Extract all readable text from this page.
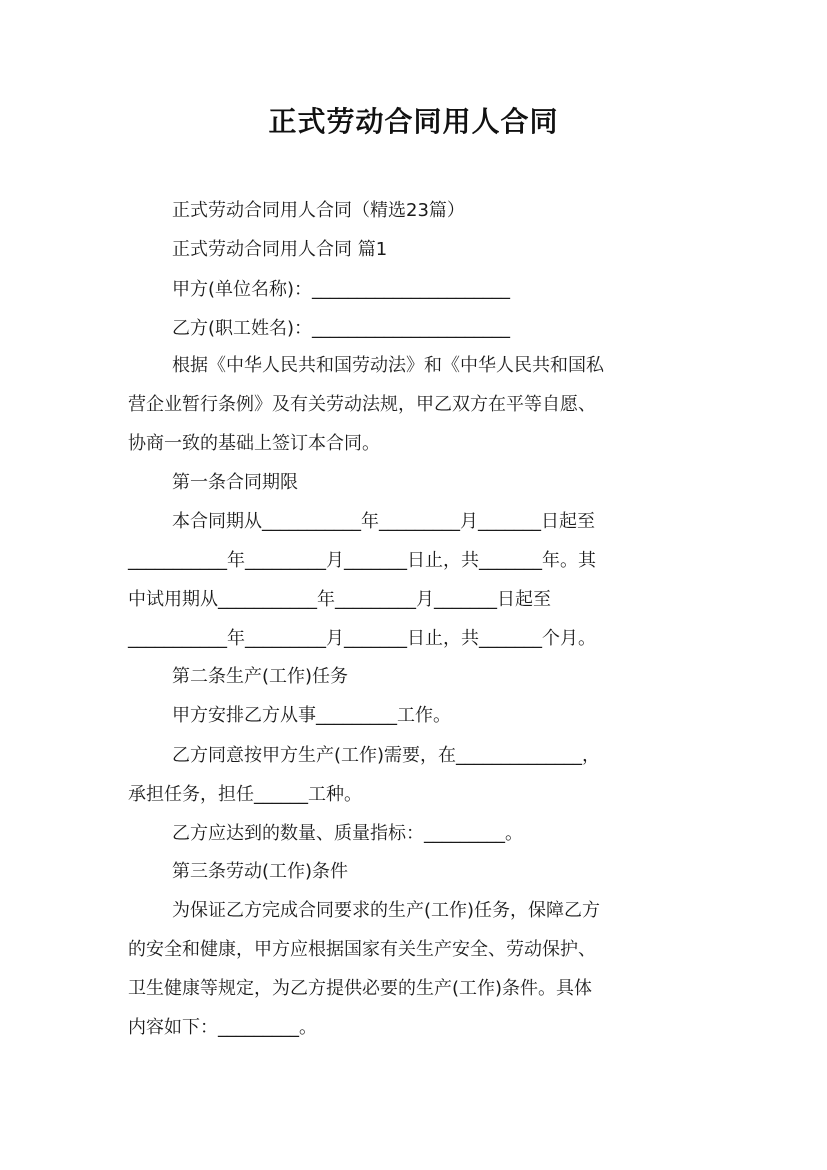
正式劳动合同用人合同
正式劳动合同用人合同（精选23篇）
正式劳动合同用人合同 篇1
甲方(单位名称)：______________________
乙方(职工姓名)：______________________
根据《中华人民共和国劳动法》和《中华人民共和国私
营企业暂行条例》及有关劳动法规，甲乙双方在平等自愿、
协商一致的基础上签订本合同。
第一条合同期限
本合同期从___________年_________月_______日起至
___________年_________月_______日止，共_______年。其
中试用期从___________年_________月_______日起至
___________年_________月_______日止，共_______个月。
第二条生产(工作)任务
甲方安排乙方从事_________工作。
乙方同意按甲方生产(工作)需要，在______________，
承担任务，担任______工种。
乙方应达到的数量、质量指标：_________。
第三条劳动(工作)条件
为保证乙方完成合同要求的生产(工作)任务，保障乙方
的安全和健康，甲方应根据国家有关生产安全、劳动保护、
卫生健康等规定，为乙方提供必要的生产(工作)条件。具体
内容如下：_________。
